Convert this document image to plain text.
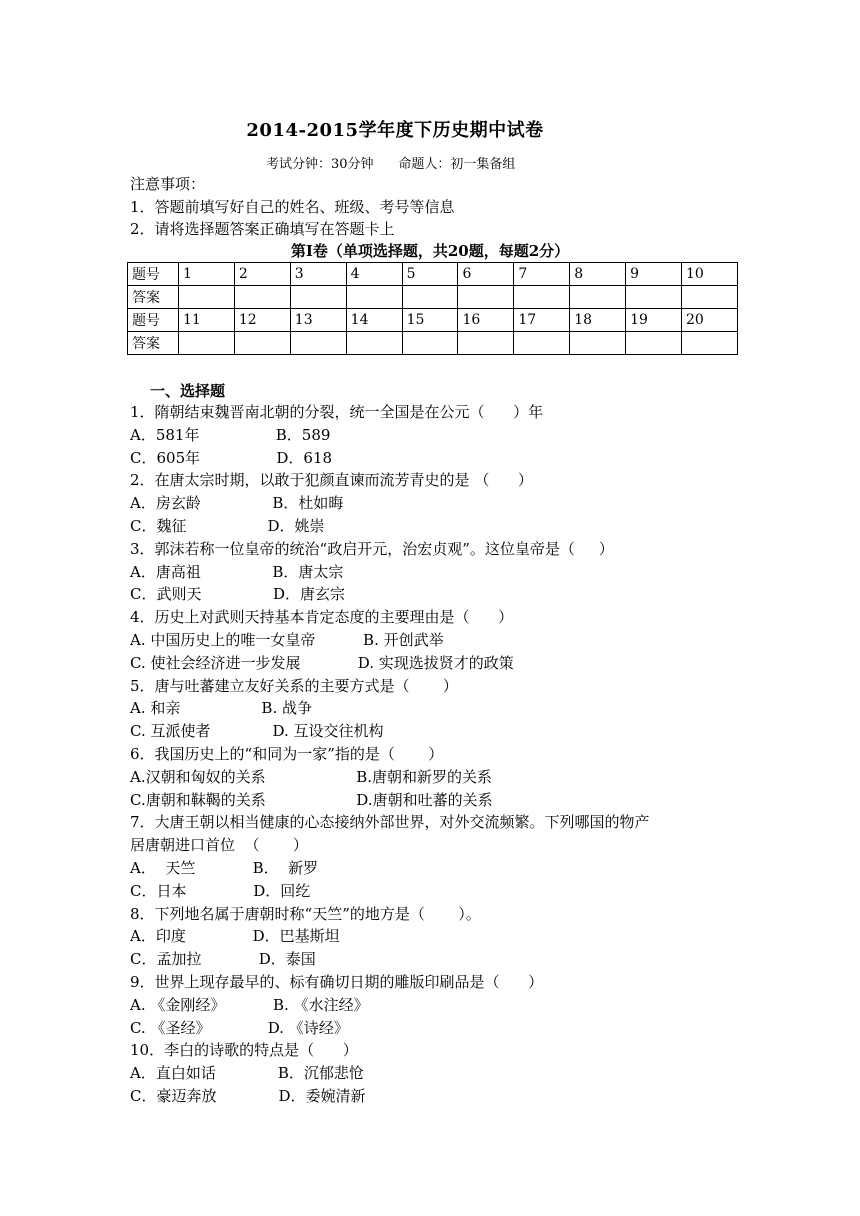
2014-2015学年度下历史期中试卷
考试分钟：30分钟      命题人：初一集备组
注意事项：
1．答题前填写好自己的姓名、班级、考号等信息
2．请将选择题答案正确填写在答题卡上
第I卷（单项选择题，共20题，每题2分）
题号	1	2	3	4	5	6	7	8	9	10
答案										
题号	11	12	13	14	15	16	17	18	19	20
答案										
一、选择题
1．隋朝结束魏晋南北朝的分裂，统一全国是在公元（      ）年
A．581年                B．589
C．605年                D．618
2．在唐太宗时期，以敢于犯颜直谏而流芳青史的是 （      ）
A．房玄龄               B．杜如晦
C．魏征                 D．姚崇
3．郭沫若称一位皇帝的统治“政启开元，治宏贞观”。这位皇帝是（     ）
A．唐高祖               B．唐太宗
C．武则天               D．唐玄宗
4．历史上对武则天持基本肯定态度的主要理由是（      ）
A. 中国历史上的唯一女皇帝          B. 开创武举
C. 使社会经济进一步发展            D. 实现选拔贤才的政策
5．唐与吐蕃建立友好关系的主要方式是（       ）
A. 和亲                 B. 战争
C. 互派使者             D. 互设交往机构
6．我国历史上的“和同为一家”指的是（       ）
A.汉朝和匈奴的关系                   B.唐朝和新罗的关系
C.唐朝和靺鞨的关系                   D.唐朝和吐蕃的关系
7．大唐王朝以相当健康的心态接纳外部世界，对外交流频繁。下列哪国的物产
居唐朝进口首位  （       ）
A．  天竺            B．  新罗
C．日本              D．回纥
8．下列地名属于唐朝时称“天竺”的地方是（       ）。
A．印度              D．巴基斯坦
C．孟加拉            D．泰国
9．世界上现存最早的、标有确切日期的雕版印刷品是（      ）
A. 《金刚经》          B. 《水注经》
C. 《圣经》            D. 《诗经》
10．李白的诗歌的特点是（      ）
A．直白如话             B．沉郁悲怆
C．豪迈奔放             D．委婉清新
